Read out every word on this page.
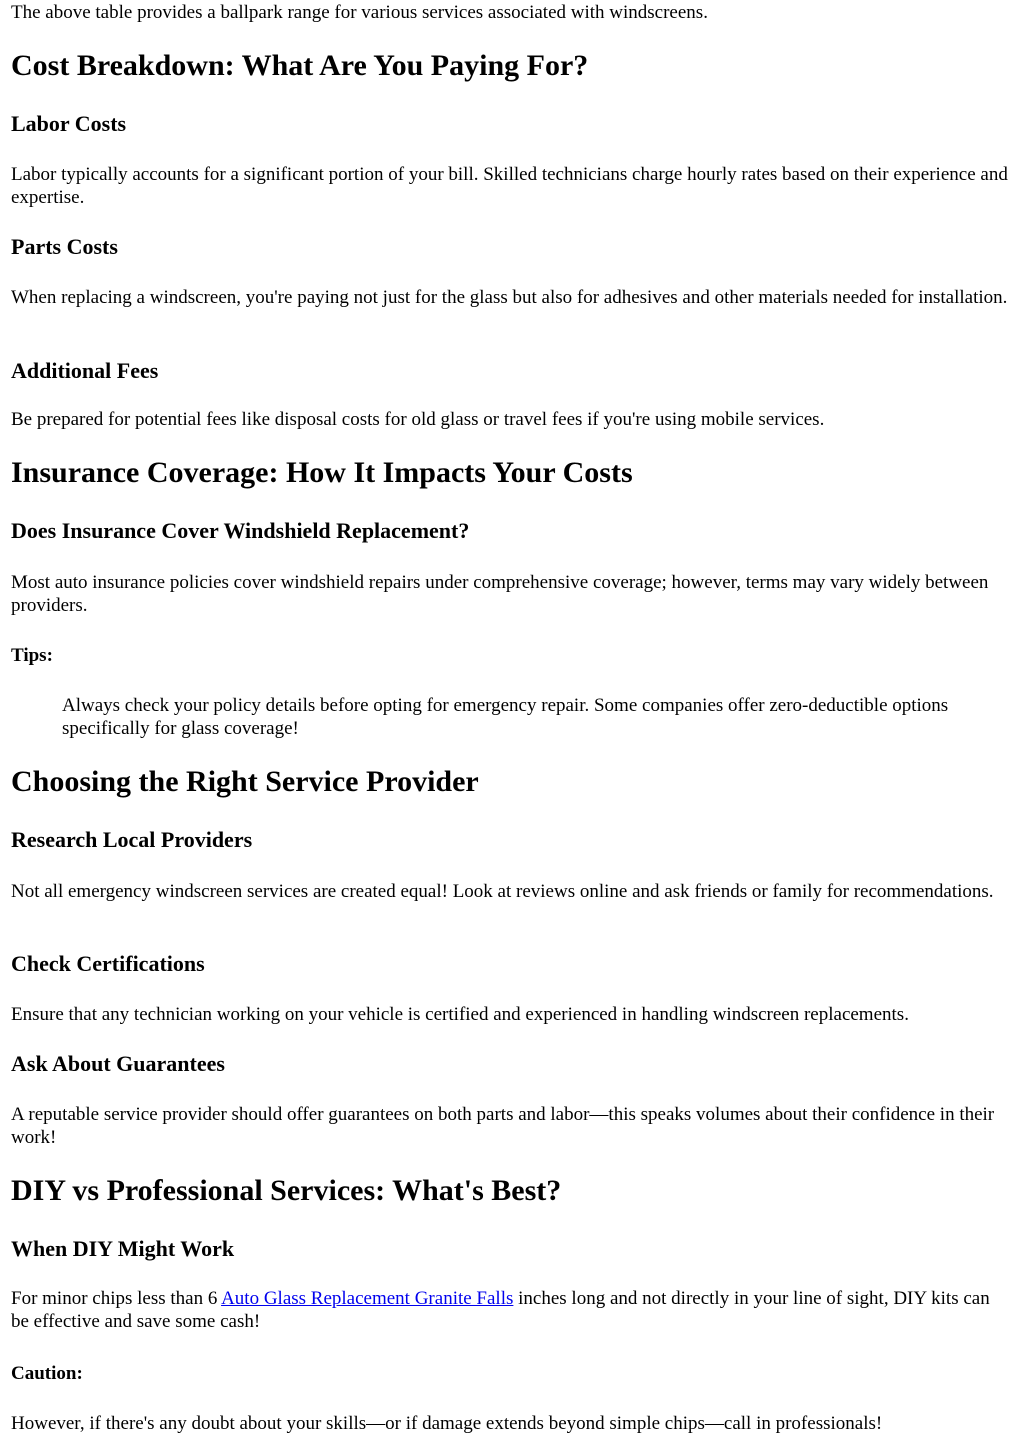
The above table provides a ballpark range for various services associated with windscreens.

Cost Breakdown: What Are You Paying For?
Labor Costs

Labor typically accounts for a significant portion of your bill. Skilled technicians charge hourly rates based on their experience and expertise.

Parts Costs

When replacing a windscreen, you're paying not just for the glass but also for adhesives and other materials needed for installation.

Additional Fees

Be prepared for potential fees like disposal costs for old glass or travel fees if you're using mobile services.

Insurance Coverage: How It Impacts Your Costs
Does Insurance Cover Windshield Replacement?

Most auto insurance policies cover windshield repairs under comprehensive coverage; however, terms may vary widely between providers.

Tips:
Always check your policy details before opting for emergency repair. Some companies offer zero-deductible options specifically for glass coverage!
Choosing the Right Service Provider
Research Local Providers

Not all emergency windscreen services are created equal! Look at reviews online and ask friends or family for recommendations.

Check Certifications

Ensure that any technician working on your vehicle is certified and experienced in handling windscreen replacements.

Ask About Guarantees

A reputable service provider should offer guarantees on both parts and labor—this speaks volumes about their confidence in their work!

DIY vs Professional Services: What's Best?
When DIY Might Work

For minor chips less than 6 Auto Glass Replacement Granite Falls inches long and not directly in your line of sight, DIY kits can be effective and save some cash!

Caution:

However, if there's any doubt about your skills—or if damage extends beyond simple chips—call in professionals!
